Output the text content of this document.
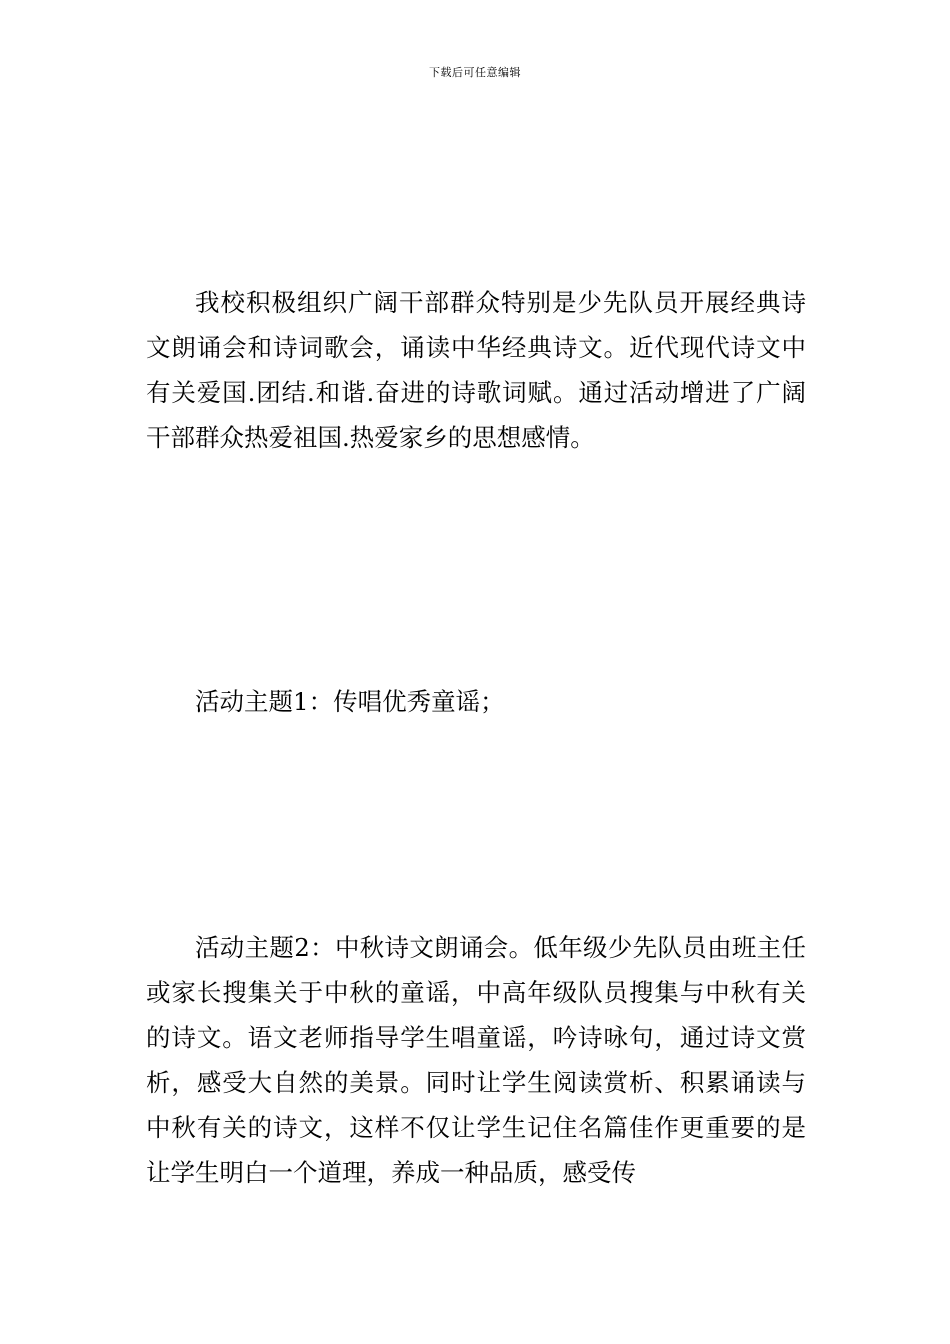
下载后可任意编辑

我校积极组织广阔干部群众特别是少先队员开展经典诗文朗诵会和诗词歌会，诵读中华经典诗文。近代现代诗文中有关爱国.团结.和谐.奋进的诗歌词赋。通过活动增进了广阔干部群众热爱祖国.热爱家乡的思想感情。

活动主题1：传唱优秀童谣；

活动主题2：中秋诗文朗诵会。低年级少先队员由班主任或家长搜集关于中秋的童谣，中高年级队员搜集与中秋有关的诗文。语文老师指导学生唱童谣，吟诗咏句，通过诗文赏析，感受大自然的美景。同时让学生阅读赏析、积累诵读与中秋有关的诗文，这样不仅让学生记住名篇佳作更重要的是让学生明白一个道理，养成一种品质，感受传
